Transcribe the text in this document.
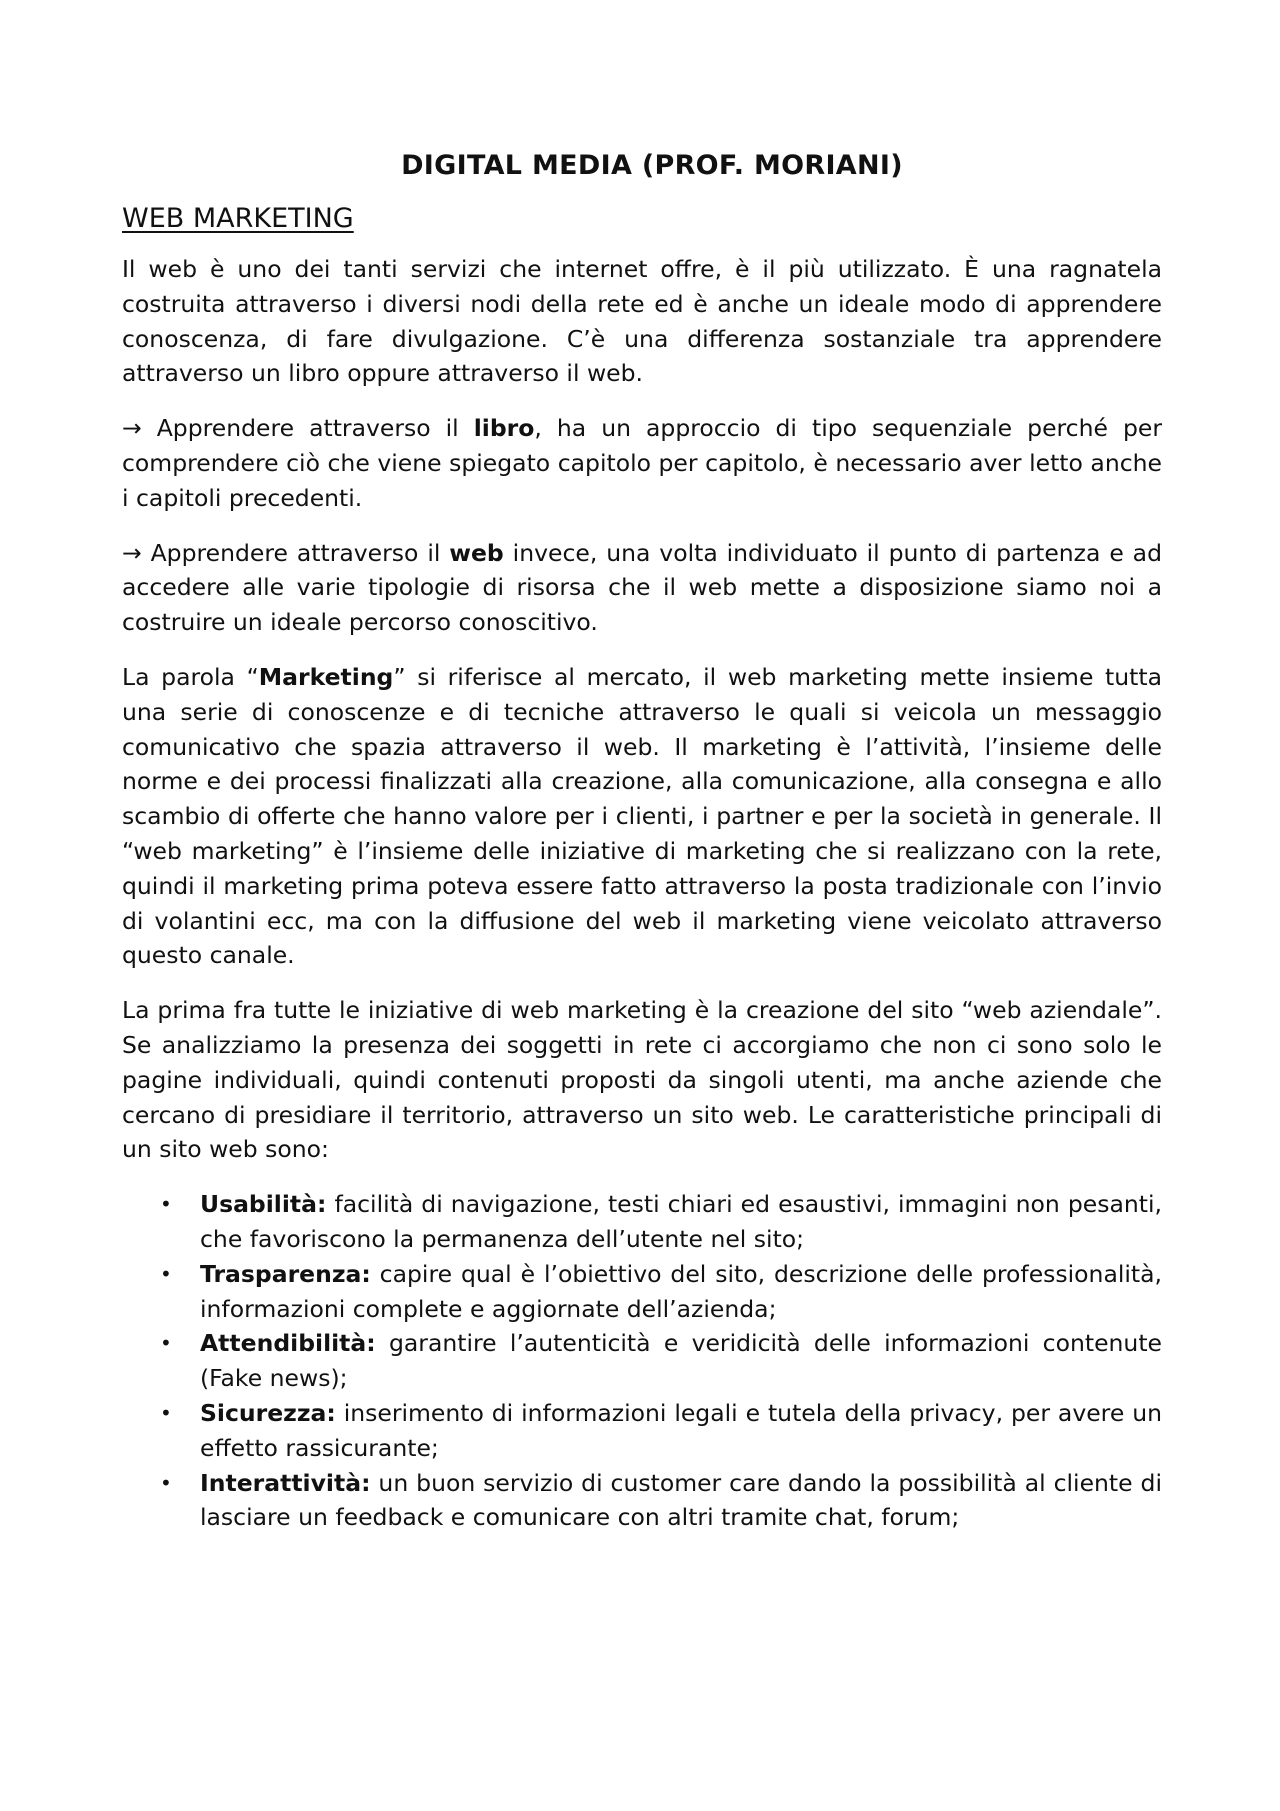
DIGITAL MEDIA (PROF. MORIANI)
WEB MARKETING

Il web è uno dei tanti servizi che internet offre, è il più utilizzato. È una ragnatela costruita attraverso i diversi nodi della rete ed è anche un ideale modo di apprendere conoscenza, di fare divulgazione. C’è una differenza sostanziale tra apprendere attraverso un libro oppure attraverso il web.

→ Apprendere attraverso il libro, ha un approccio di tipo sequenziale perché per comprendere ciò che viene spiegato capitolo per capitolo, è necessario aver letto anche i capitoli precedenti.

→ Apprendere attraverso il web invece, una volta individuato il punto di partenza e ad accedere alle varie tipologie di risorsa che il web mette a disposizione siamo noi a costruire un ideale percorso conoscitivo.

La parola “Marketing” si riferisce al mercato, il web marketing mette insieme tutta una serie di conoscenze e di tecniche attraverso le quali si veicola un messaggio comunicativo che spazia attraverso il web. Il marketing è l’attività, l’insieme delle norme e dei processi finalizzati alla creazione, alla comunicazione, alla consegna e allo scambio di offerte che hanno valore per i clienti, i partner e per la società in generale. Il “web marketing” è l’insieme delle iniziative di marketing che si realizzano con la rete, quindi il marketing prima poteva essere fatto attraverso la posta tradizionale con l’invio di volantini ecc, ma con la diffusione del web il marketing viene veicolato attraverso questo canale.

La prima fra tutte le iniziative di web marketing è la creazione del sito “web aziendale”. Se analizziamo la presenza dei soggetti in rete ci accorgiamo che non ci sono solo le pagine individuali, quindi contenuti proposti da singoli utenti, ma anche aziende che cercano di presidiare il territorio, attraverso un sito web. Le caratteristiche principali di un sito web sono:

• Usabilità: facilità di navigazione, testi chiari ed esaustivi, immagini non pesanti, che favoriscono la permanenza dell’utente nel sito;
• Trasparenza: capire qual è l’obiettivo del sito, descrizione delle professionalità, informazioni complete e aggiornate dell’azienda;
• Attendibilità: garantire l’autenticità e veridicità delle informazioni contenute (Fake news);
• Sicurezza: inserimento di informazioni legali e tutela della privacy, per avere un effetto rassicurante;
• Interattività: un buon servizio di customer care dando la possibilità al cliente di lasciare un feedback e comunicare con altri tramite chat, forum;
